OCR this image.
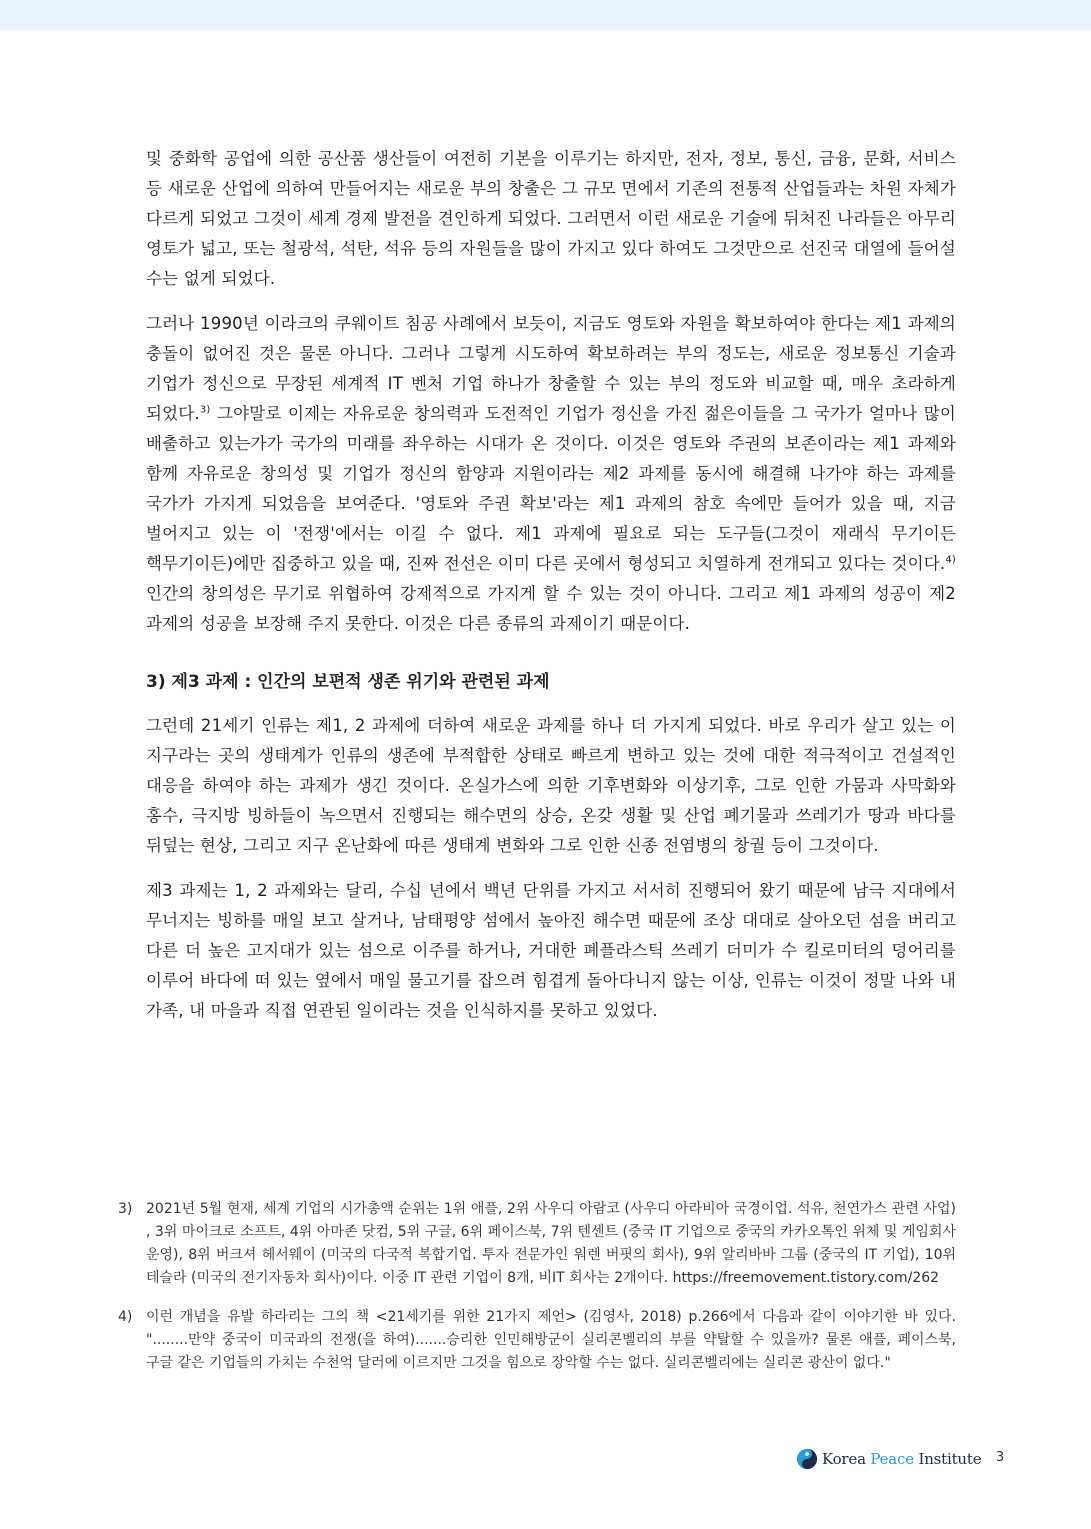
및 중화학 공업에 의한 공산품 생산들이 여전히 기본을 이루기는 하지만, 전자, 정보, 통신, 금융, 문화, 서비스 등 새로운 산업에 의하여 만들어지는 새로운 부의 창출은 그 규모 면에서 기존의 전통적 산업들과는 차원 자체가 다르게 되었고 그것이 세계 경제 발전을 견인하게 되었다. 그러면서 이런 새로운 기술에 뒤처진 나라들은 아무리 영토가 넓고, 또는 철광석, 석탄, 석유 등의 자원들을 많이 가지고 있다 하여도 그것만으로 선진국 대열에 들어설 수는 없게 되었다.

그러나 1990년 이라크의 쿠웨이트 침공 사례에서 보듯이, 지금도 영토와 자원을 확보하여야 한다는 제1 과제의 충돌이 없어진 것은 물론 아니다. 그러나 그렇게 시도하여 확보하려는 부의 정도는, 새로운 정보통신 기술과 기업가 정신으로 무장된 세계적 IT 벤처 기업 하나가 창출할 수 있는 부의 정도와 비교할 때, 매우 초라하게 되었다.$^{3)}$ 그야말로 이제는 자유로운 창의력과 도전적인 기업가 정신을 가진 젊은이들을 그 국가가 얼마나 많이 배출하고 있는가가 국가의 미래를 좌우하는 시대가 온 것이다. 이것은 영토와 주권의 보존이라는 제1 과제와 함께 자유로운 창의성 및 기업가 정신의 함양과 지원이라는 제2 과제를 동시에 해결해 나가야 하는 과제를 국가가 가지게 되었음을 보여준다. '영토와 주권 확보'라는 제1 과제의 참호 속에만 들어가 있을 때, 지금 벌어지고 있는 이 '전쟁'에서는 이길 수 없다. 제1 과제에 필요로 되는 도구들(그것이 재래식 무기이든 핵무기이든)에만 집중하고 있을 때, 진짜 전선은 이미 다른 곳에서 형성되고 치열하게 전개되고 있다는 것이다.$^{4)}$ 인간의 창의성은 무기로 위협하여 강제적으로 가지게 할 수 있는 것이 아니다. 그리고 제1 과제의 성공이 제2 과제의 성공을 보장해 주지 못한다. 이것은 다른 종류의 과제이기 때문이다.

3) 제3 과제 : 인간의 보편적 생존 위기와 관련된 과제

그런데 21세기 인류는 제1, 2 과제에 더하여 새로운 과제를 하나 더 가지게 되었다. 바로 우리가 살고 있는 이 지구라는 곳의 생태계가 인류의 생존에 부적합한 상태로 빠르게 변하고 있는 것에 대한 적극적이고 건설적인 대응을 하여야 하는 과제가 생긴 것이다. 온실가스에 의한 기후변화와 이상기후, 그로 인한 가뭄과 사막화와 홍수, 극지방 빙하들이 녹으면서 진행되는 해수면의 상승, 온갖 생활 및 산업 폐기물과 쓰레기가 땅과 바다를 뒤덮는 현상, 그리고 지구 온난화에 따른 생태계 변화와 그로 인한 신종 전염병의 창궐 등이 그것이다.

제3 과제는 1, 2 과제와는 달리, 수십 년에서 백년 단위를 가지고 서서히 진행되어 왔기 때문에 남극 지대에서 무너지는 빙하를 매일 보고 살거나, 남태평양 섬에서 높아진 해수면 때문에 조상 대대로 살아오던 섬을 버리고 다른 더 높은 고지대가 있는 섬으로 이주를 하거나, 거대한 폐플라스틱 쓰레기 더미가 수 킬로미터의 덩어리를 이루어 바다에 떠 있는 옆에서 매일 물고기를 잡으려 힘겹게 돌아다니지 않는 이상, 인류는 이것이 정말 나와 내 가족, 내 마을과 직접 연관된 일이라는 것을 인식하지를 못하고 있었다.

3) 2021년 5월 현재, 세계 기업의 시가총액 순위는 1위 애플, 2위 사우디 아람코 (사우디 아라비아 국경이업. 석유, 천연가스 관련 사업) , 3위 마이크로 소프트, 4위 아마존 닷컴, 5위 구글, 6위 페이스북, 7위 텐센트 (중국 IT 기업으로 중국의 카카오톡인 위체 및 게임회사 운영), 8위 버크셔 헤서웨이 (미국의 다국적 복합기업. 투자 전문가인 워렌 버핏의 회사), 9위 알리바바 그룹 (중국의 IT 기업), 10위 테슬라 (미국의 전기자동차 회사)이다. 이중 IT 관련 기업이 8개, 비IT 회사는 2개이다. https://freemovement.tistory.com/262
4) 이런 개념을 유발 하라리는 그의 책 <21세기를 위한 21가지 제언> (김영사, 2018) p.266에서 다음과 같이 이야기한 바 있다. "........만약 중국이 미국과의 전쟁(을 하여).......승리한 인민해방군이 실리콘벨리의 부를 약탈할 수 있을까? 물론 애플, 페이스북, 구글 같은 기업들의 가치는 수천억 달러에 이르지만 그것을 힘으로 장악할 수는 없다. 실리콘벨리에는 실리콘 광산이 없다."
Korea Peace Institute 3
